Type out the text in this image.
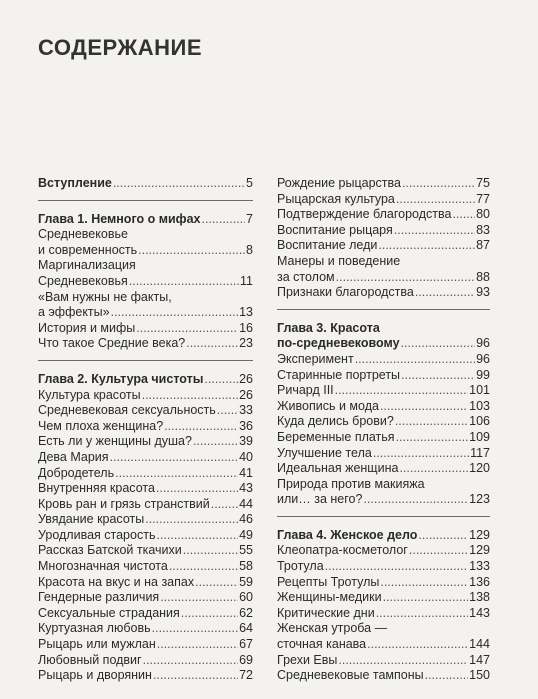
СОДЕРЖАНИЕ
Вступление .....	5
Глава 1. Немного о мифах .....	7
Средневековье
и современность .....	8
Маргинализация
Средневековья .....	11
«Вам нужны не факты,
а эффекты» .....	13
История и мифы .....	16
Что такое Средние века? .....	23
Глава 2. Культура чистоты .....	26
Культура красоты .....	26
Средневековая сексуальность ..... 33
Чем плоха женщина? .....	36
Есть ли у женщины душа? .....	39
Дева Мария .....	40
Добродетель .....	41
Внутренняя красота .....	43
Кровь ран и грязь странствий ..... 44
Увядание красоты .....	46
Уродливая старость .....	49
Рассказ Батской ткачихи .....	55
Многозначная чистота .....	58
Красота на вкус и на запах .....	59
Гендерные различия .....	60
Сексуальные страдания .....	62
Куртуазная любовь .....	64
Рыцарь или мужлан .....	67
Любовный подвиг .....	69
Рыцарь и дворянин .....	72
Рождение рыцарства .....	75
Рыцарская культура .....	77
Подтверждение благородства ..... 80
Воспитание рыцаря .....	83
Воспитание леди .....	87
Манеры и поведение
за столом .....	88
Признаки благородства .....	93
Глава 3. Красота
по-средневековому .....	96
Эксперимент .....	96
Старинные портреты .....	99
Ричард III .....	101
Живопись и мода .....	103
Куда делись брови? .....	106
Беременные платья .....	109
Улучшение тела .....	117
Идеальная женщина .....	120
Природа против макияжа
или… за него? .....	123
Глава 4. Женское дело .....	129
Клеопатра-косметолог .....	129
Тротула .....	133
Рецепты Тротулы .....	136
Женщины-медики .....	138
Критические дни .....	143
Женская утроба —
сточная канава .....	144
Грехи Евы .....	147
Средневековые тампоны .....	150
